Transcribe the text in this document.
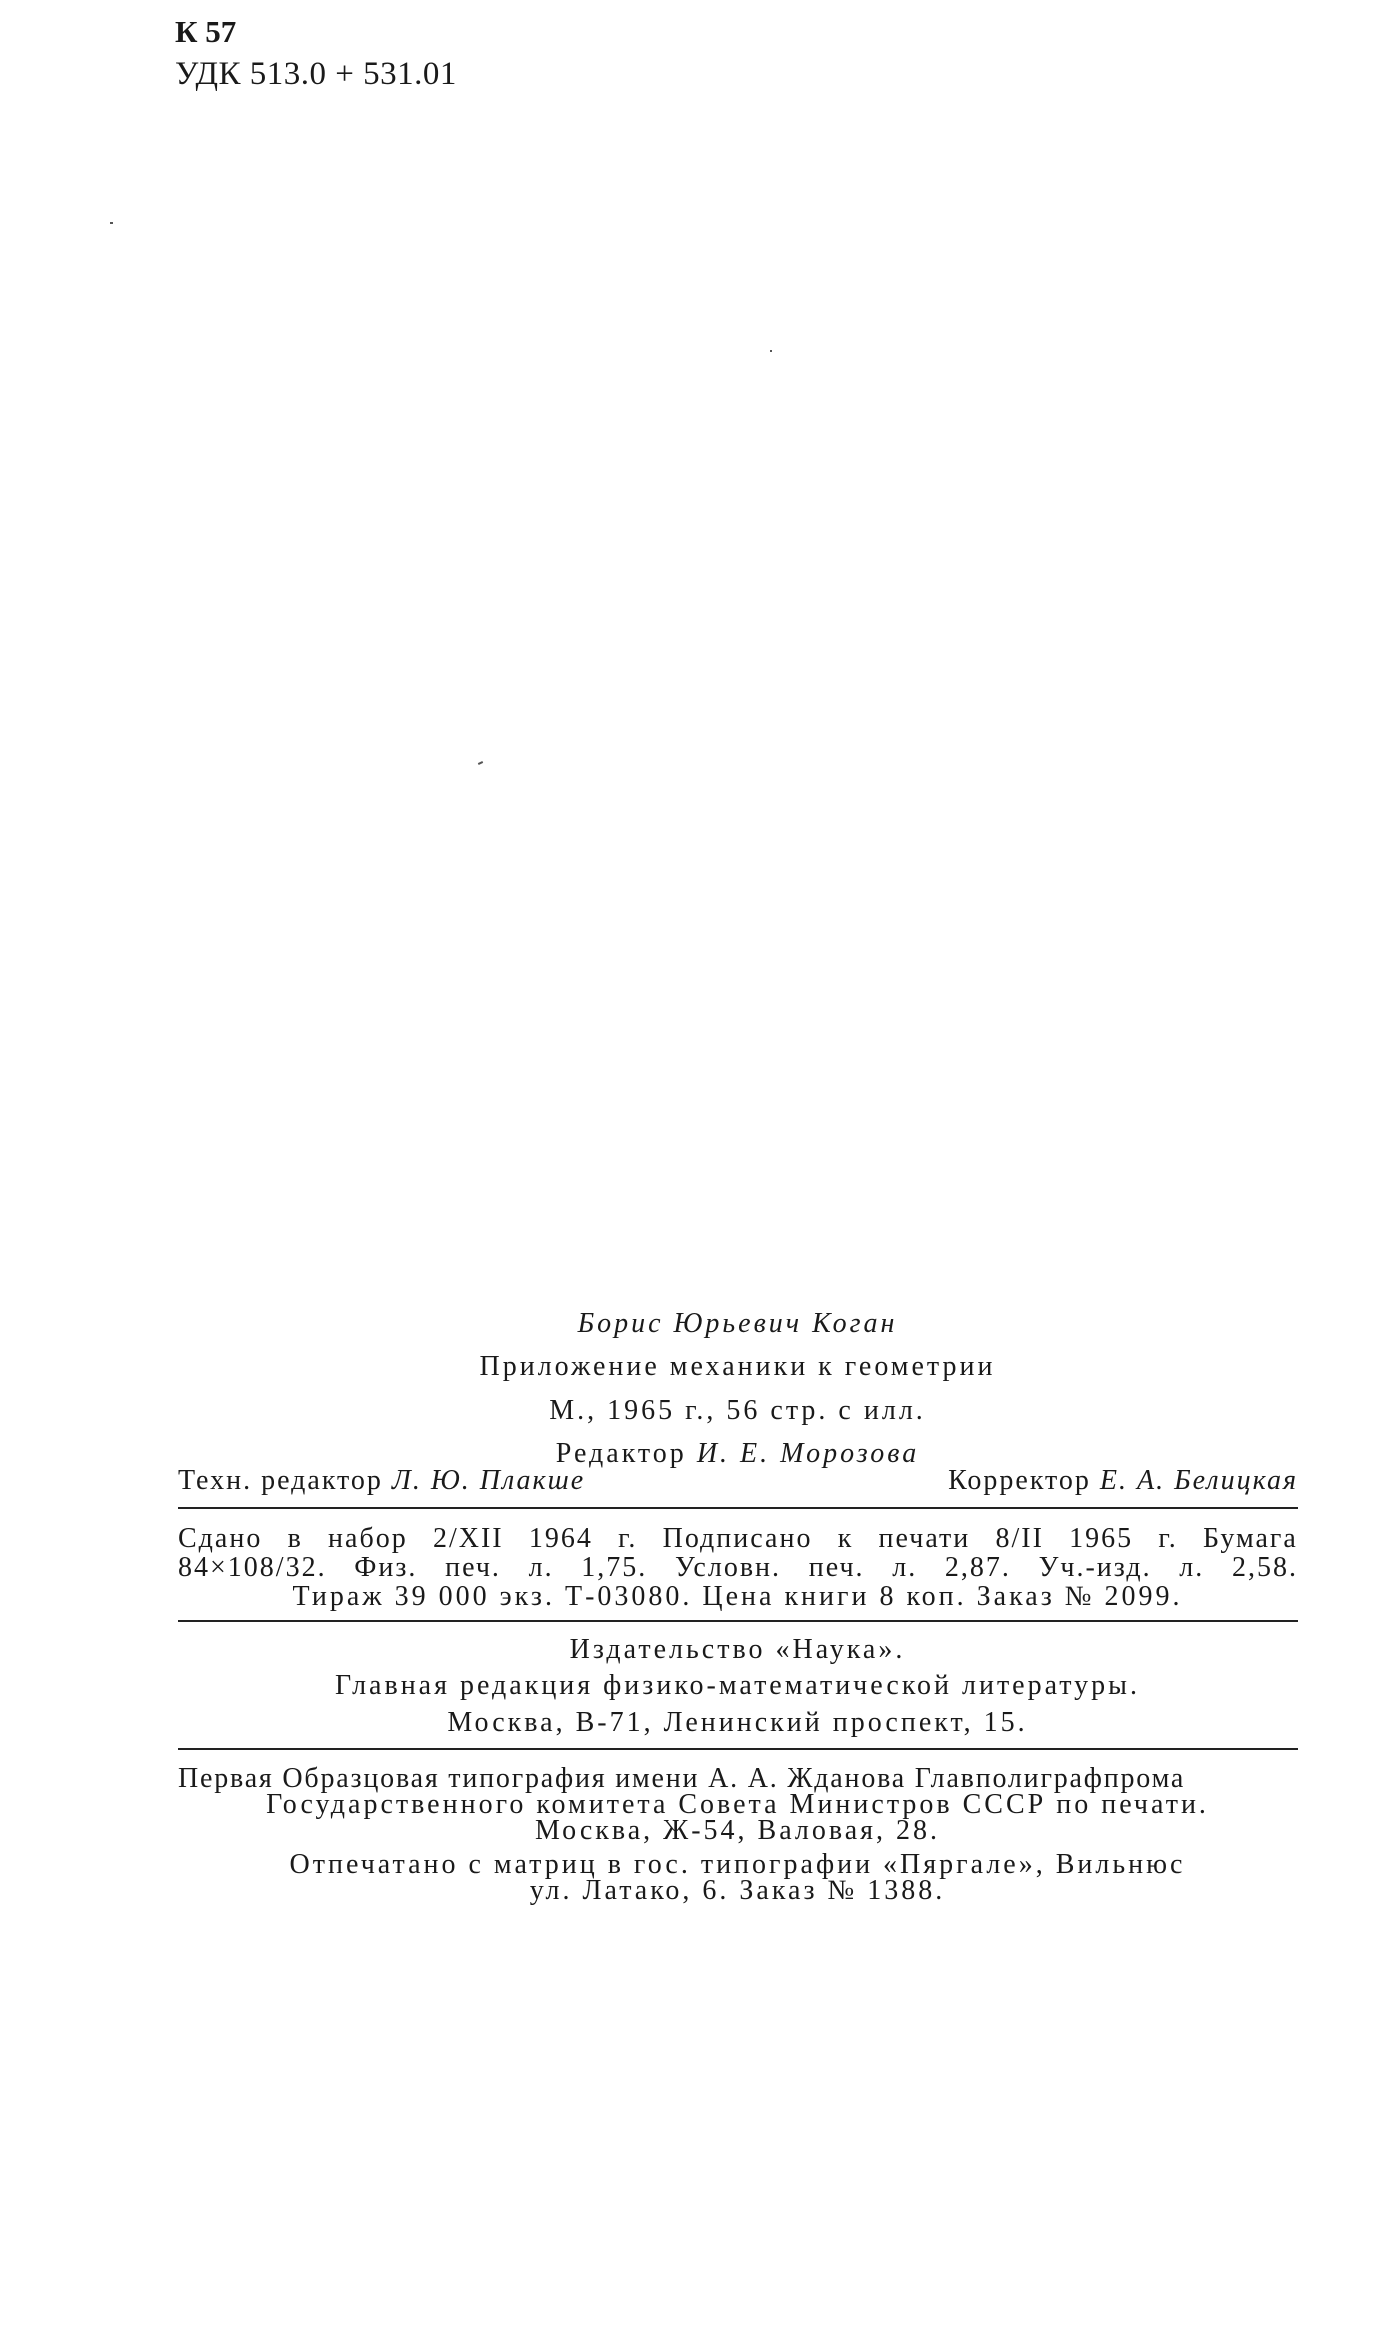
К 57
УДК 513.0 + 531.01
Борис Юрьевич Коган
Приложение механики к геометрии
М., 1965 г., 56 стр. с илл.
Редактор И. Е. Морозова
Техн. редактор Л. Ю. Плакше	Корректор Е. А. Белицкая
Сдано в набор 2/XII 1964 г. Подписано к печати 8/II 1965 г. Бумага
84×108/32. Физ. печ. л. 1,75. Условн. печ. л. 2,87. Уч.-изд. л. 2,58.
Тираж 39 000 экз. Т-03080. Цена книги 8 коп. Заказ № 2099.
Издательство «Наука».
Главная редакция физико-математической литературы.
Москва, В-71, Ленинский проспект, 15.
Первая Образцовая типография имени А. А. Жданова Главполиграфпрома
Государственного комитета Совета Министров СССР по печати.
Москва, Ж-54, Валовая, 28.
Отпечатано с матриц в гос. типографии «Пяргале», Вильнюс
ул. Латако, 6. Заказ № 1388.
